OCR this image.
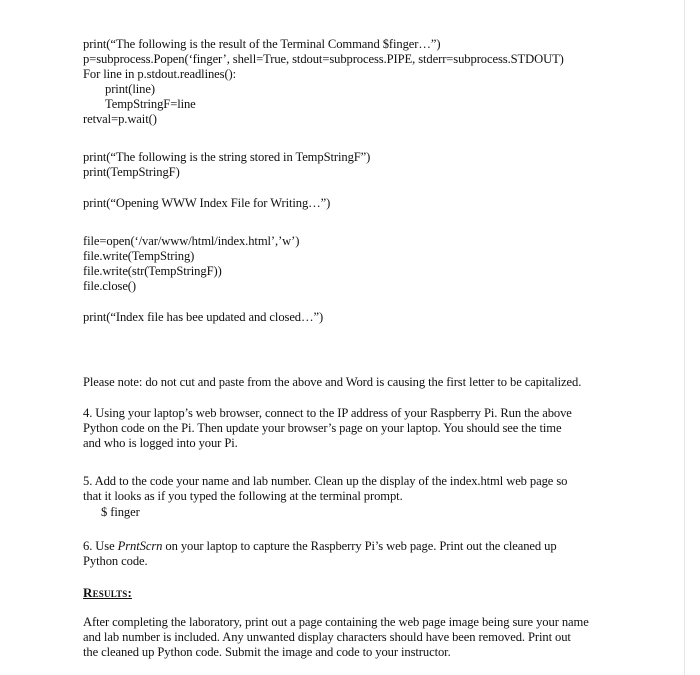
print(“The following is the result of the Terminal Command $finger…”)
p=subprocess.Popen(‘finger’, shell=True, stdout=subprocess.PIPE, stderr=subprocess.STDOUT)
For line in p.stdout.readlines():
print(line)
TempStringF=line
retval=p.wait()
print(“The following is the string stored in TempStringF”)
print(TempStringF)
print(“Opening WWW Index File for Writing…”)
file=open(‘/var/www/html/index.html’,’w’)
file.write(TempString)
file.write(str(TempStringF))
file.close()
print(“Index file has bee updated and closed…”)
Please note: do not cut and paste from the above and Word is causing the first letter to be capitalized.
4. Using your laptop’s web browser, connect to the IP address of your Raspberry Pi. Run the above
Python code on the Pi. Then update your browser’s page on your laptop. You should see the time
and who is logged into your Pi.
5. Add to the code your name and lab number. Clean up the display of the index.html web page so
that it looks as if you typed the following at the terminal prompt.
$ finger
6. Use PrntScrn on your laptop to capture the Raspberry Pi’s web page. Print out the cleaned up
Python code.
Results:
After completing the laboratory, print out a page containing the web page image being sure your name
and lab number is included. Any unwanted display characters should have been removed. Print out
the cleaned up Python code. Submit the image and code to your instructor.
